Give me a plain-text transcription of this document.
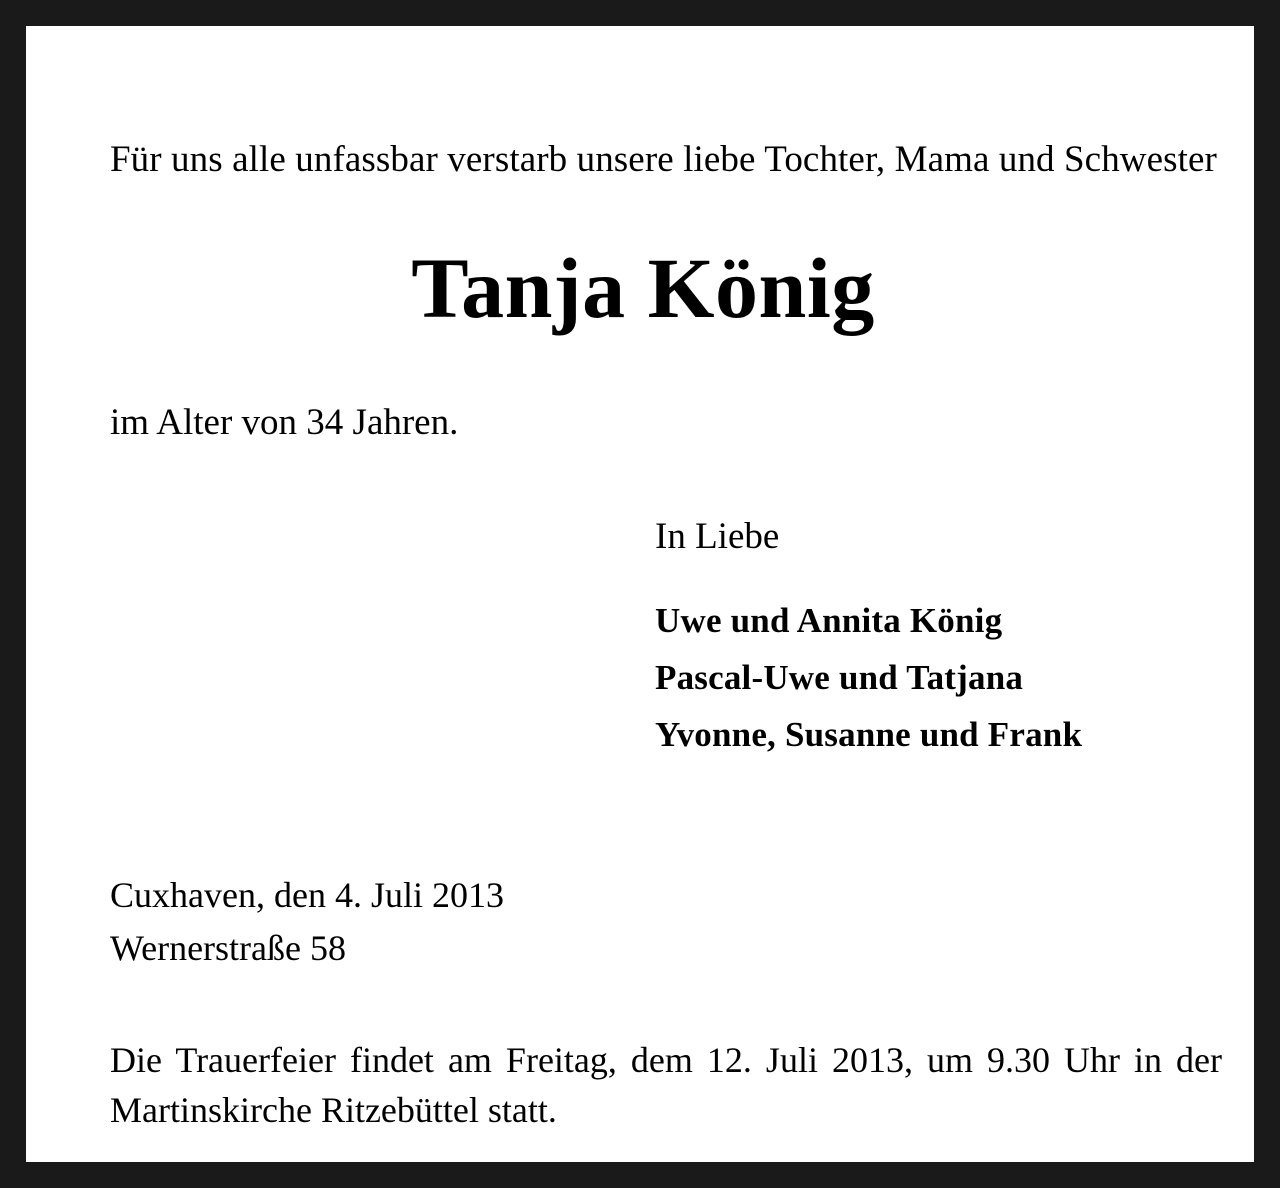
Für uns alle unfassbar verstarb unsere liebe Tochter, Mama und Schwester

Tanja König

im Alter von 34 Jahren.

In Liebe
Uwe und Annita König
Pascal-Uwe und Tatjana
Yvonne, Susanne und Frank
Cuxhaven, den 4. Juli 2013
Wernerstraße 58

Die Trauerfeier findet am Freitag, dem 12. Juli 2013, um 9.30 Uhr in der Martinskirche Ritzebüttel statt.
